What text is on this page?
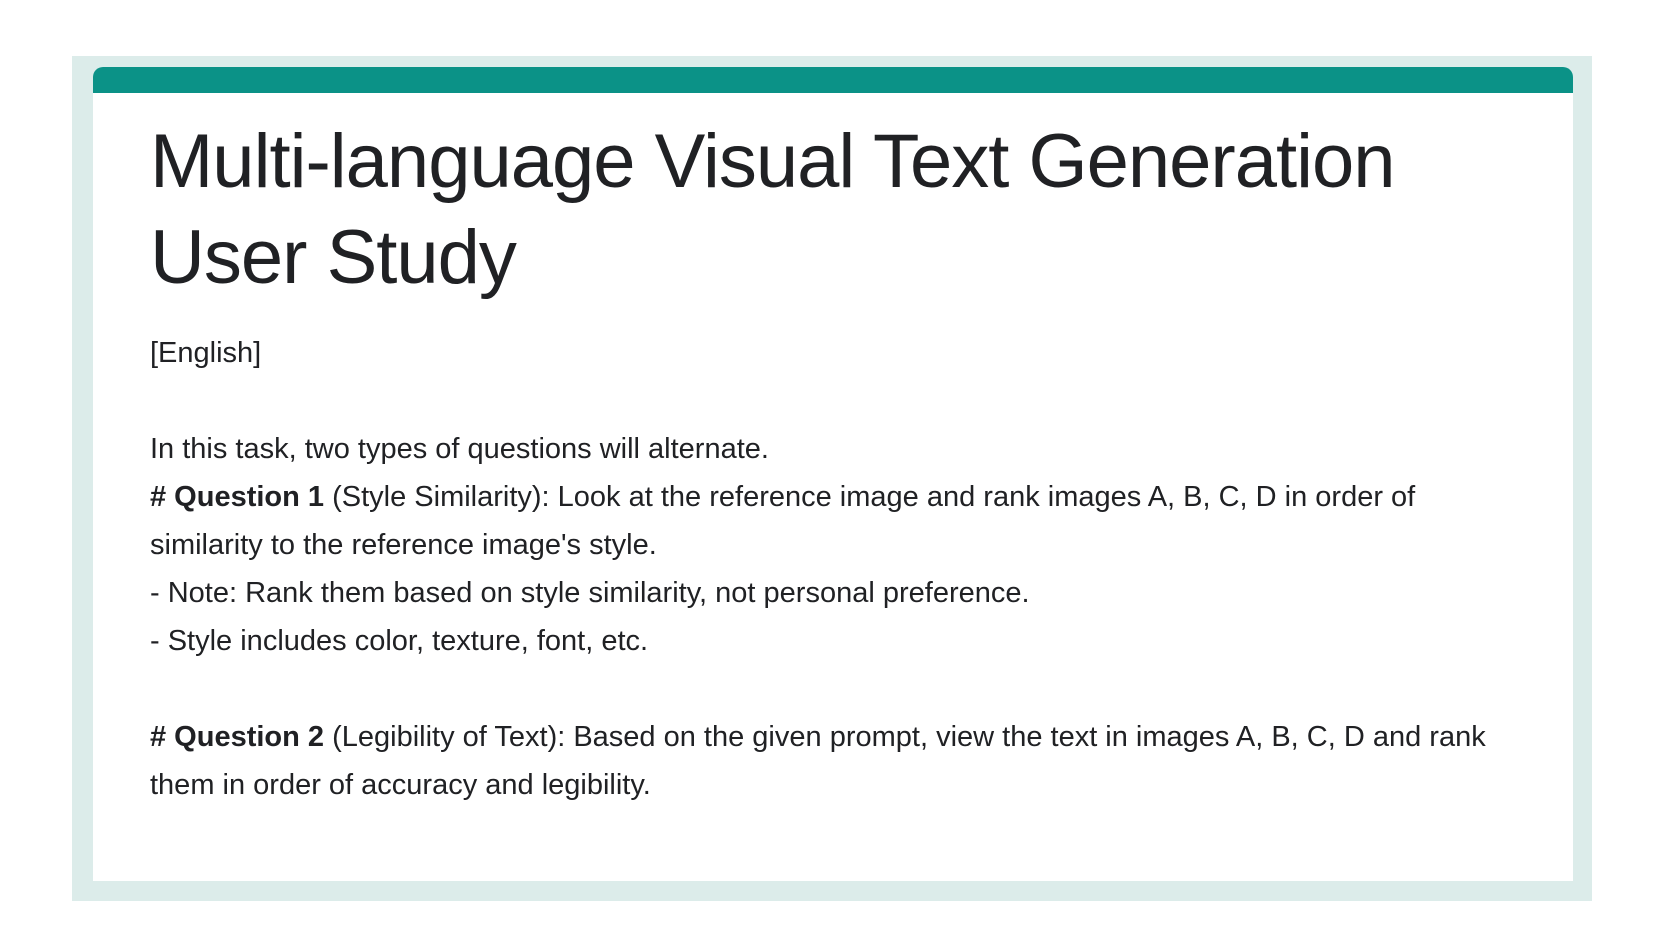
Multi-language Visual Text Generation User Study
[English]
In this task, two types of questions will alternate.
# Question 1 (Style Similarity): Look at the reference image and rank images A, B, C, D in order of similarity to the reference image's style.
- Note: Rank them based on style similarity, not personal preference.
- Style includes color, texture, font, etc.
# Question 2 (Legibility of Text): Based on the given prompt, view the text in images A, B, C, D and rank them in order of accuracy and legibility.
